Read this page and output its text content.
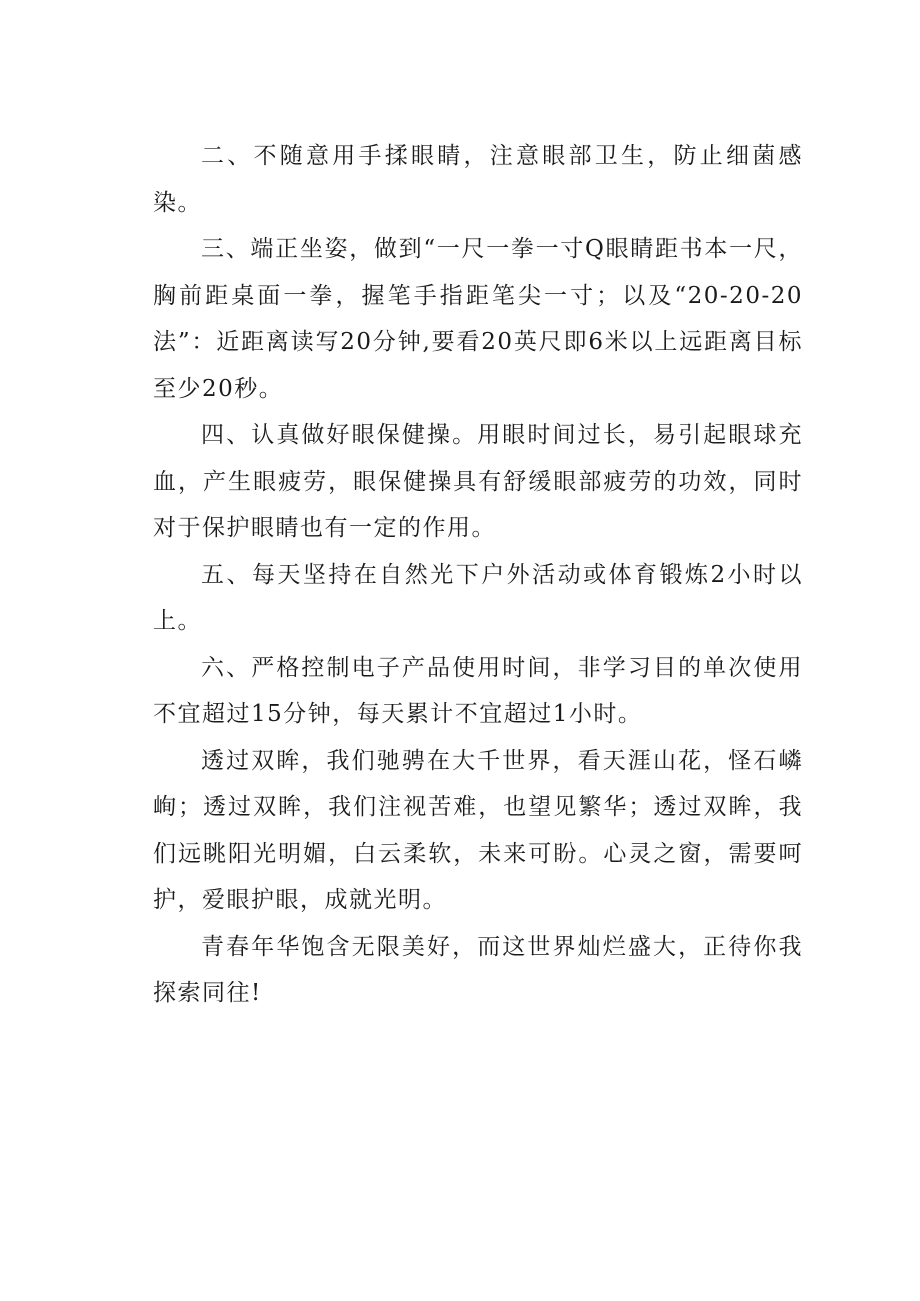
二、不随意用手揉眼睛，注意眼部卫生，防止细菌感染。

三、端正坐姿，做到“一尺一拳一寸Q眼睛距书本一尺，胸前距桌面一拳，握笔手指距笔尖一寸；以及“20-20-20法”：近距离读写20分钟,要看20英尺即6米以上远距离目标至少20秒。

四、认真做好眼保健操。用眼时间过长，易引起眼球充血，产生眼疲劳，眼保健操具有舒缓眼部疲劳的功效，同时对于保护眼睛也有一定的作用。

五、每天坚持在自然光下户外活动或体育锻炼2小时以上。

六、严格控制电子产品使用时间，非学习目的单次使用不宜超过15分钟，每天累计不宜超过1小时。

透过双眸，我们驰骋在大千世界，看天涯山花，怪石嶙峋；透过双眸，我们注视苦难，也望见繁华；透过双眸，我们远眺阳光明媚，白云柔软，未来可盼。心灵之窗，需要呵护，爱眼护眼，成就光明。

青春年华饱含无限美好，而这世界灿烂盛大，正待你我探索同往!
